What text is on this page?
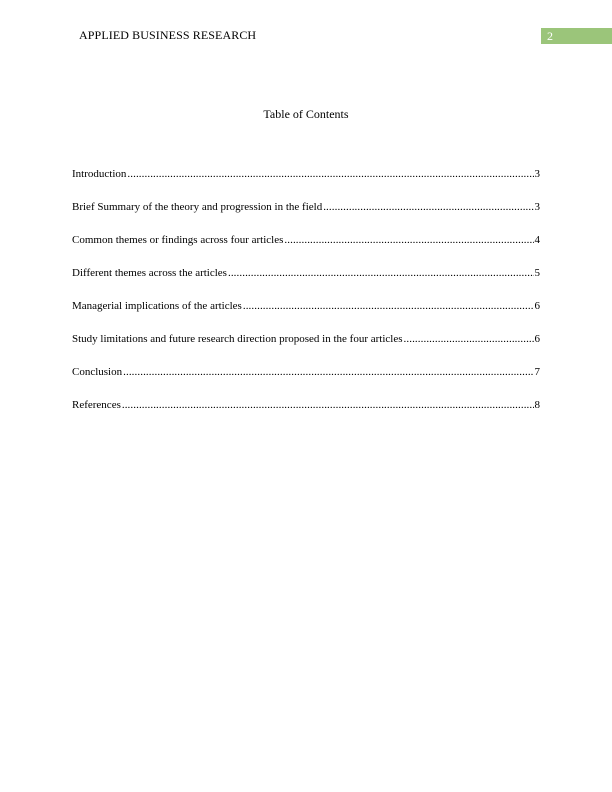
APPLIED BUSINESS RESEARCH	2
Table of Contents
Introduction .....	3
Brief Summary of the theory and progression in the field .....	3
Common themes or findings across four articles .....	4
Different themes across the articles .....	5
Managerial implications of the articles .....	6
Study limitations and future research direction proposed in the four articles .....	6
Conclusion .....	7
References .....	8
